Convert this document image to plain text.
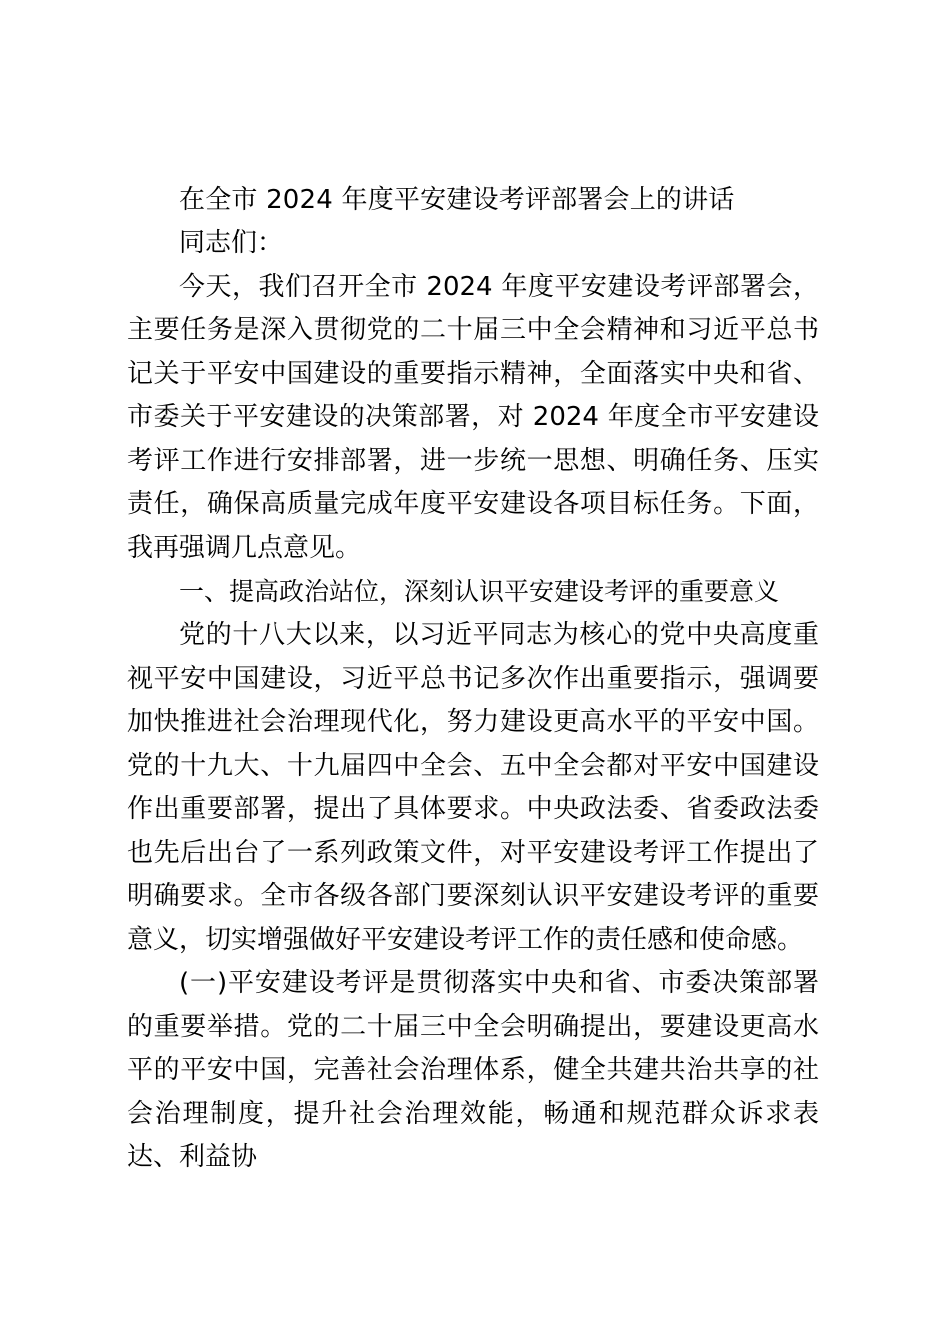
在全市 2024 年度平安建设考评部署会上的讲话

同志们：

今天，我们召开全市 2024 年度平安建设考评部署会，主要任务是深入贯彻党的二十届三中全会精神和习近平总书记关于平安中国建设的重要指示精神，全面落实中央和省、市委关于平安建设的决策部署，对 2024 年度全市平安建设考评工作进行安排部署，进一步统一思想、明确任务、压实责任，确保高质量完成年度平安建设各项目标任务。下面，我再强调几点意见。

一、提高政治站位，深刻认识平安建设考评的重要意义

党的十八大以来，以习近平同志为核心的党中央高度重视平安中国建设，习近平总书记多次作出重要指示，强调要加快推进社会治理现代化，努力建设更高水平的平安中国。党的十九大、十九届四中全会、五中全会都对平安中国建设作出重要部署，提出了具体要求。中央政法委、省委政法委也先后出台了一系列政策文件，对平安建设考评工作提出了明确要求。全市各级各部门要深刻认识平安建设考评的重要意义，切实增强做好平安建设考评工作的责任感和使命感。

(一)平安建设考评是贯彻落实中央和省、市委决策部署的重要举措。党的二十届三中全会明确提出，要建设更高水平的平安中国，完善社会治理体系，健全共建共治共享的社会治理制度，提升社会治理效能，畅通和规范群众诉求表达、利益协
